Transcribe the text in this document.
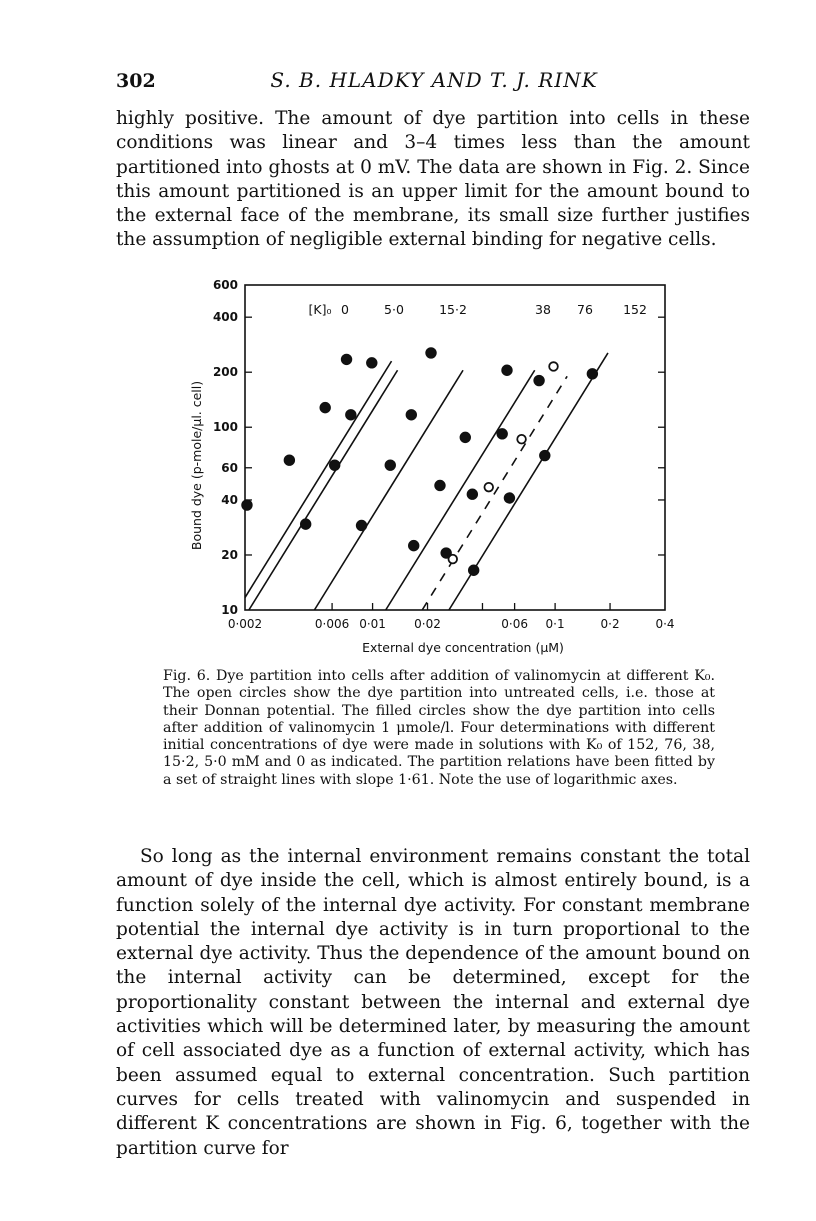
302	S. B. HLADKY AND T. J. RINK

highly positive. The amount of dye partition into cells in these conditions was linear and 3–4 times less than the amount partitioned into ghosts at 0 mV. The data are shown in Fig. 2. Since this amount partitioned is an upper limit for the amount bound to the external face of the membrane, its small size further justifies the assumption of negligible external binding for negative cells.

0·002	0·006 0·01 0·02	0·06 0·1	0·2	0·4
10
20
40
60
100
200
400
600
External dye concentration (μM)
Bound dye (p-mole/μl. cell)
[K]₀ 0	5·0	15·2	38 76 152

Fig. 6. Dye partition into cells after addition of valinomycin at different K₀. The open circles show the dye partition into untreated cells, i.e. those at their Donnan potential. The filled circles show the dye partition into cells after addition of valinomycin 1 μmole/l. Four determinations with different initial concentrations of dye were made in solutions with K₀ of 152, 76, 38, 15·2, 5·0 mM and 0 as indicated. The partition relations have been fitted by a set of straight lines with slope 1·61. Note the use of logarithmic axes.

So long as the internal environment remains constant the total amount of dye inside the cell, which is almost entirely bound, is a function solely of the internal dye activity. For constant membrane potential the internal dye activity is in turn proportional to the external dye activity. Thus the dependence of the amount bound on the internal activity can be determined, except for the proportionality constant between the internal and external dye activities which will be determined later, by measuring the amount of cell associated dye as a function of external activity, which has been assumed equal to external concentration. Such partition curves for cells treated with valinomycin and suspended in different K concentrations are shown in Fig. 6, together with the partition curve for
